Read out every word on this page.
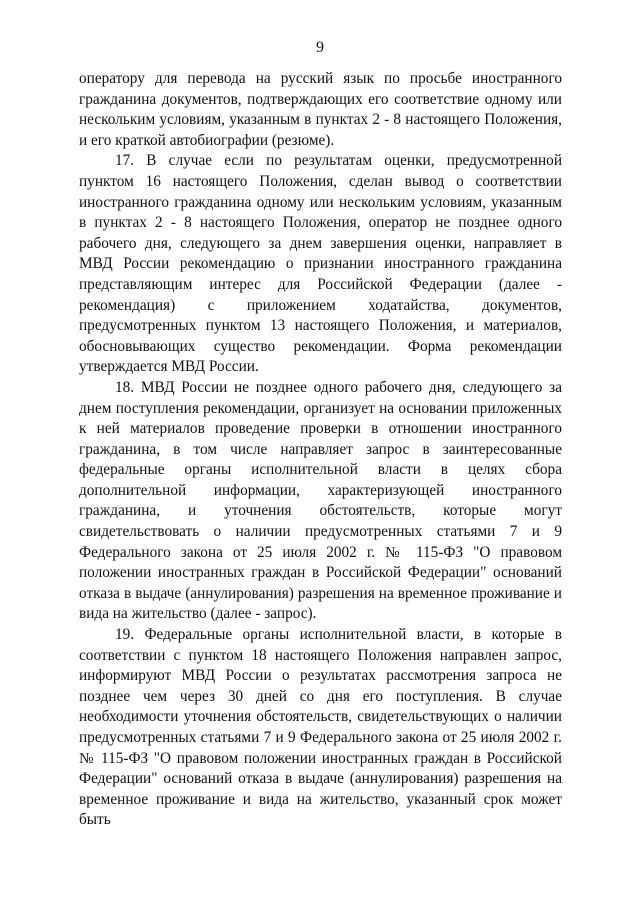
9

оператору для перевода на русский язык по просьбе иностранного гражданина документов, подтверждающих его соответствие одному или нескольким условиям, указанным в пунктах 2 - 8 настоящего Положения, и его краткой автобиографии (резюме).

17. В случае если по результатам оценки, предусмотренной пунктом 16 настоящего Положения, сделан вывод о соответствии иностранного гражданина одному или нескольким условиям, указанным в пунктах 2 - 8 настоящего Положения, оператор не позднее одного рабочего дня, следующего за днем завершения оценки, направляет в МВД России рекомендацию о признании иностранного гражданина представляющим интерес для Российской Федерации (далее - рекомендация) с приложением ходатайства, документов, предусмотренных пунктом 13 настоящего Положения, и материалов, обосновывающих существо рекомендации. Форма рекомендации утверждается МВД России.

18. МВД России не позднее одного рабочего дня, следующего за днем поступления рекомендации, организует на основании приложенных к ней материалов проведение проверки в отношении иностранного гражданина, в том числе направляет запрос в заинтересованные федеральные органы исполнительной власти в целях сбора дополнительной информации, характеризующей иностранного гражданина, и уточнения обстоятельств, которые могут свидетельствовать о наличии предусмотренных статьями 7 и 9 Федерального закона от 25 июля 2002 г. № 115-ФЗ "О правовом положении иностранных граждан в Российской Федерации" оснований отказа в выдаче (аннулирования) разрешения на временное проживание и вида на жительство (далее - запрос).

19. Федеральные органы исполнительной власти, в которые в соответствии с пунктом 18 настоящего Положения направлен запрос, информируют МВД России о результатах рассмотрения запроса не позднее чем через 30 дней со дня его поступления. В случае необходимости уточнения обстоятельств, свидетельствующих о наличии предусмотренных статьями 7 и 9 Федерального закона от 25 июля 2002 г. № 115-ФЗ "О правовом положении иностранных граждан в Российской Федерации" оснований отказа в выдаче (аннулирования) разрешения на временное проживание и вида на жительство, указанный срок может быть
